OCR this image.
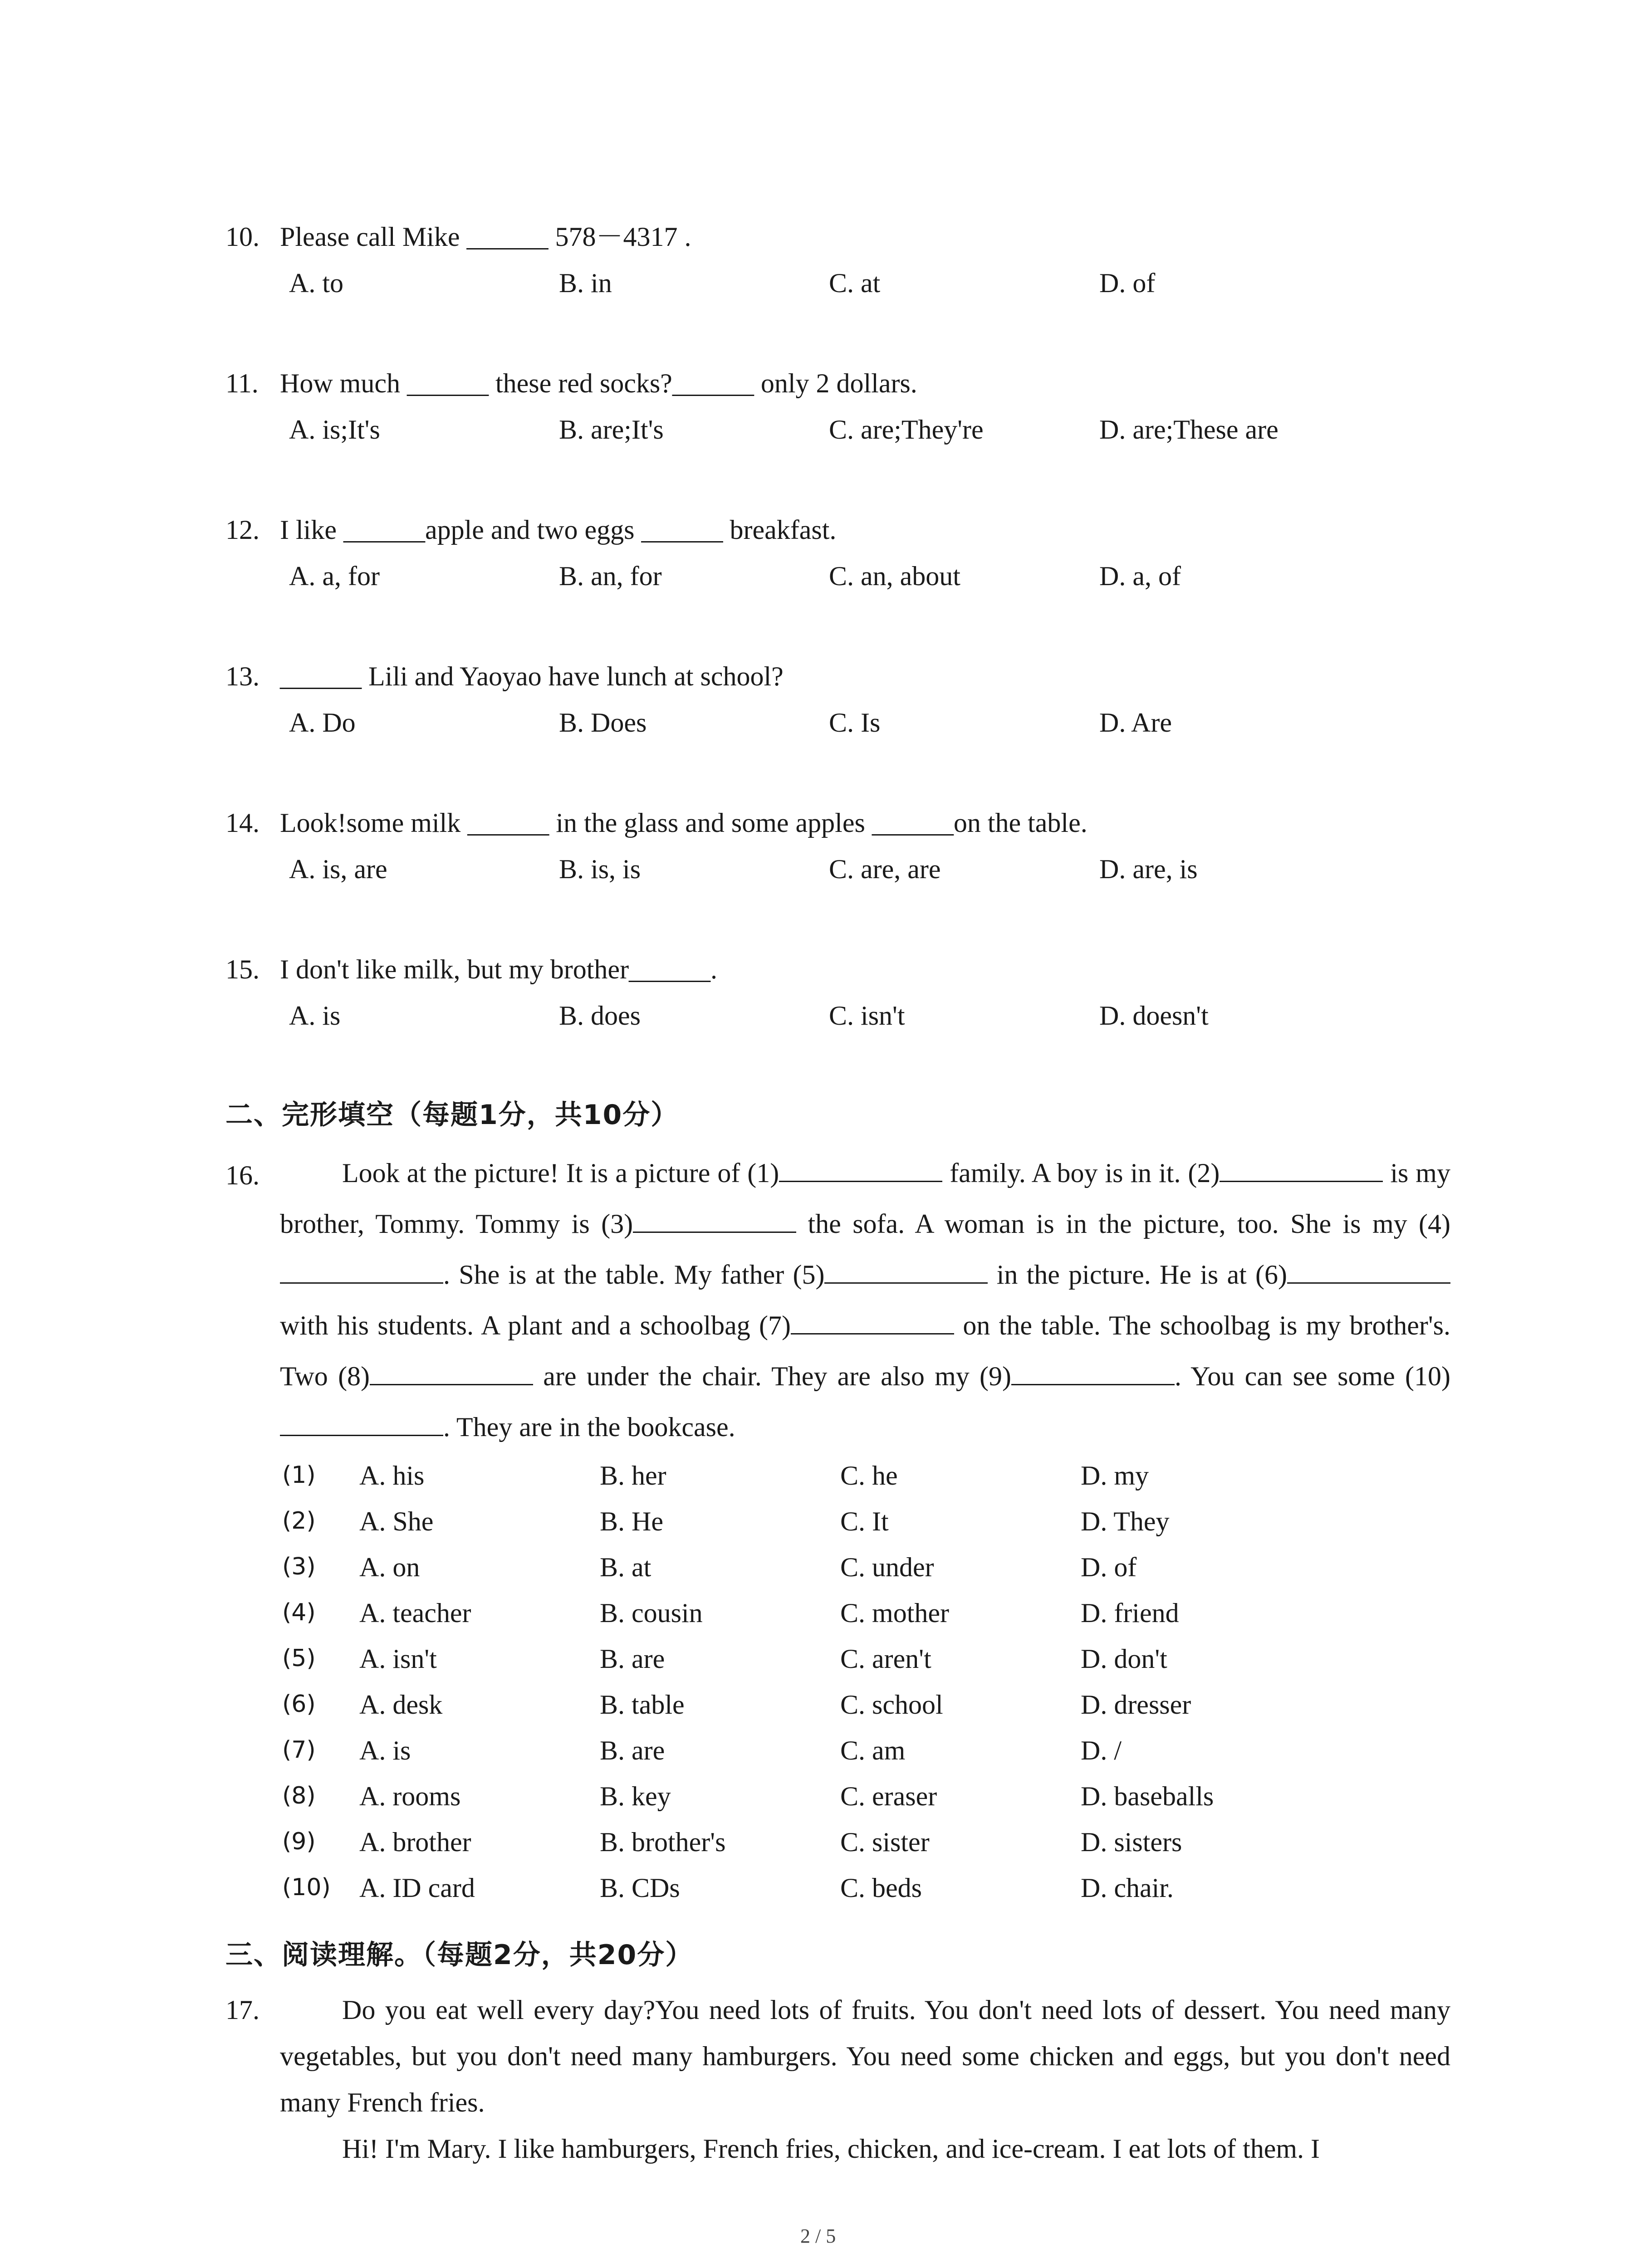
10. Please call Mike ______ 578－4317 .
A. to	B. in	C. at	D. of
11. How much ______ these red socks?______ only 2 dollars.
A. is;It's	B. are;It's	C. are;They're	D. are;These are
12. I like ______apple and two eggs ______ breakfast.
A. a, for	B. an, for	C. an, about	D. a, of
13. ______ Lili and Yaoyao have lunch at school?
A. Do	B. Does	C. Is	D. Are
14. Look!some milk ______ in the glass and some apples ______on the table.
A. is, are	B. is, is	C. are, are	D. are, is
15. I don't like milk, but my brother______.
A. is	B. does	C. isn't	D. doesn't
二、完形填空（每题1分，共10分）
16.	Look at the picture! It is a picture of (1)	family. A boy is in it. (2)	is my brother, Tommy. Tommy is (3)	the sofa. A woman is in the picture, too. She is my (4). She is at the table. My father (5)	in the picture. He is at (6) with his students. A plant and a schoolbag (7)	on the table. The schoolbag is my brother's. Two (8)	are under the chair. They are also my (9)	. You can see some (10). They are in the bookcase.
(1) A. his	B. her	C. he	D. my
(2) A. She	B. He	C. It	D. They
(3) A. on	B. at	C. under	D. of
(4) A. teacher	B. cousin	C. mother	D. friend
(5) A. isn't	B. are	C. aren't	D. don't
(6) A. desk	B. table	C. school	D. dresser
(7) A. is	B. are	C. am	D. /
(8) A. rooms	B. key	C. eraser	D. baseballs
(9) A. brother	B. brother's	C. sister	D. sisters
(10) A. ID card	B. CDs	C. beds	D. chair.
三、阅读理解。（每题2分，共20分）
17.	Do you eat well every day?You need lots of fruits. You don't need lots of dessert. You need many vegetables, but you don't need many hamburgers. You need some chicken and eggs, but you don't need many French fries.
Hi! I'm Mary. I like hamburgers, French fries, chicken, and ice-cream. I eat lots of them. I
2 / 5
